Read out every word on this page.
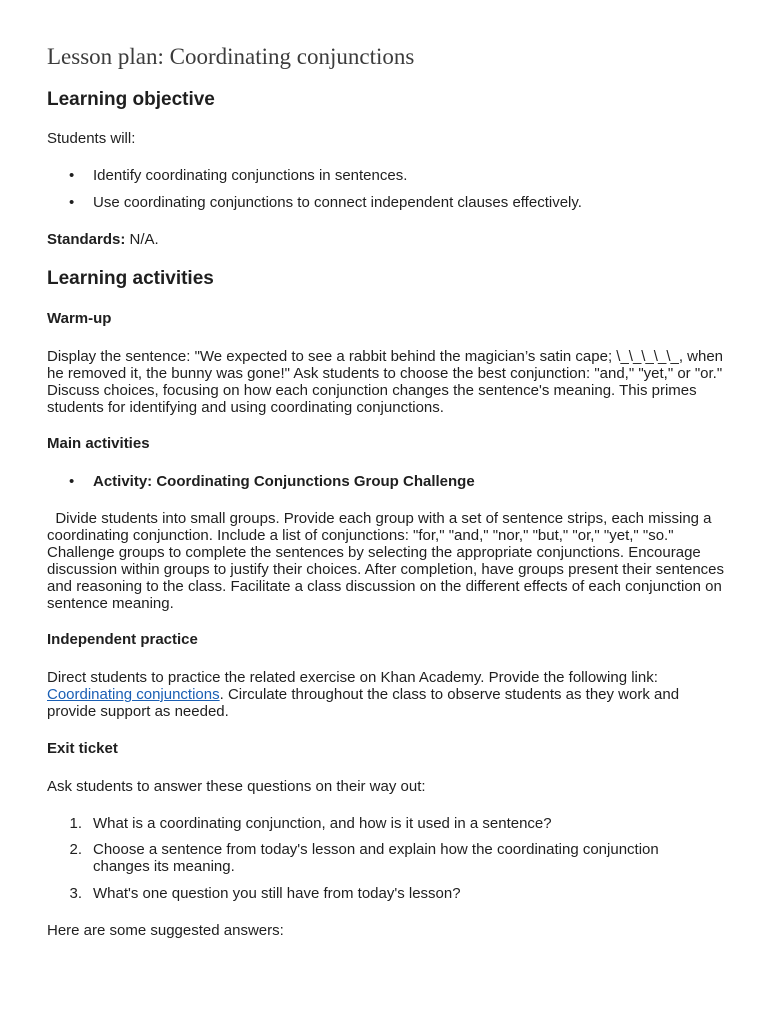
Lesson plan: Coordinating conjunctions
Learning objective

Students will:

• Identify coordinating conjunctions in sentences.

• Use coordinating conjunctions to connect independent clauses effectively.

Standards: N/A.

Learning activities
Warm-up

Display the sentence: "We expected to see a rabbit behind the magician’s satin cape; \_\_\_\_\_, when he removed it, the bunny was gone!" Ask students to choose the best conjunction: "and," "yet," or "or." Discuss choices, focusing on how each conjunction changes the sentence's meaning. This primes students for identifying and using coordinating conjunctions.

Main activities
• Activity: Coordinating Conjunctions Group Challenge

Divide students into small groups. Provide each group with a set of sentence strips, each missing a coordinating conjunction. Include a list of conjunctions: "for," "and," "nor," "but," "or," "yet," "so." Challenge groups to complete the sentences by selecting the appropriate conjunctions. Encourage discussion within groups to justify their choices. After completion, have groups present their sentences and reasoning to the class. Facilitate a class discussion on the different effects of each conjunction on sentence meaning.

Independent practice

Direct students to practice the related exercise on Khan Academy. Provide the following link: Coordinating conjunctions. Circulate throughout the class to observe students as they work and provide support as needed.

Exit ticket

Ask students to answer these questions on their way out:

1. What is a coordinating conjunction, and how is it used in a sentence?

2. Choose a sentence from today's lesson and explain how the coordinating conjunction changes its meaning.

3. What's one question you still have from today's lesson?

Here are some suggested answers:
